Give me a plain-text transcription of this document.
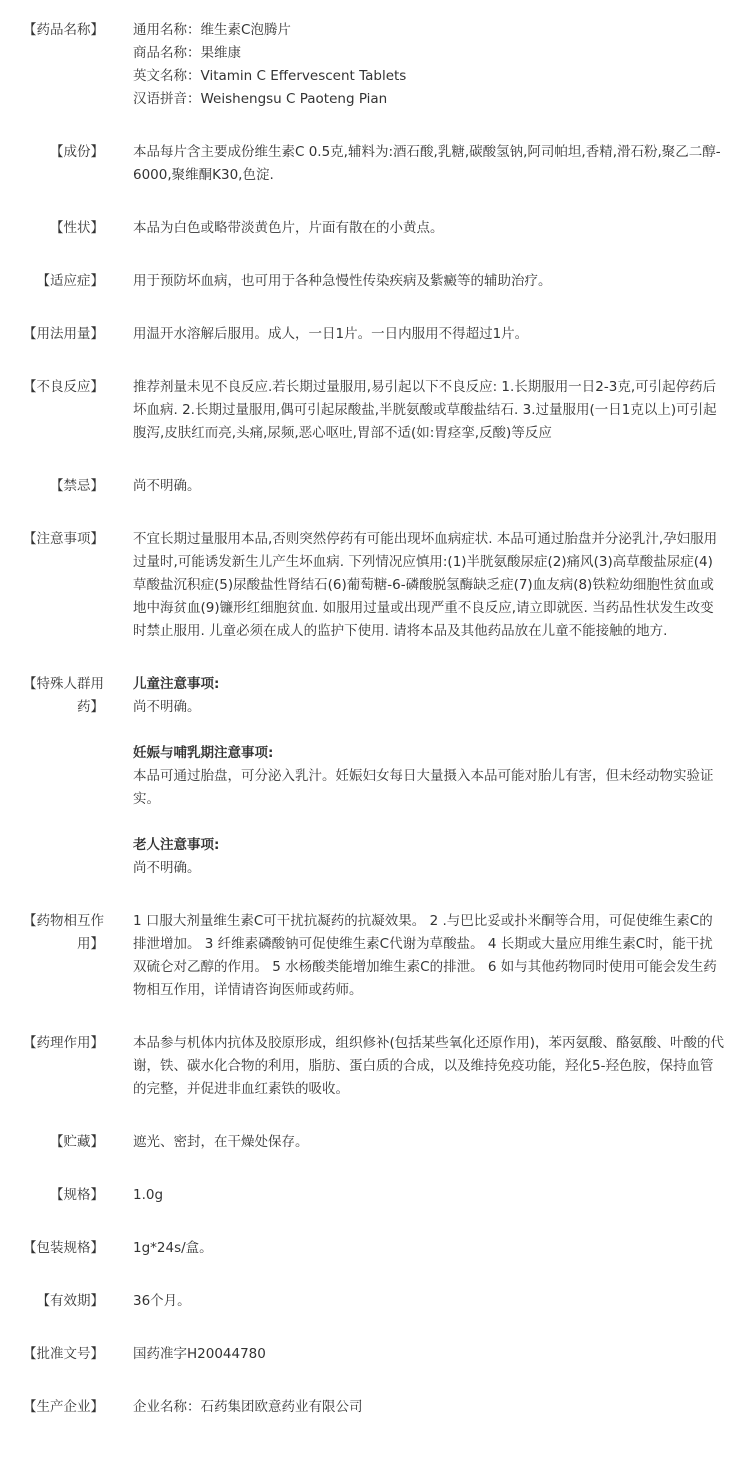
【药品名称】 通用名称：维生素C泡腾片
商品名称：果维康
英文名称：Vitamin C Effervescent Tablets
汉语拼音：Weishengsu C Paoteng Pian
【成份】 本品每片含主要成份维生素C 0.5克,辅料为:酒石酸,乳糖,碳酸氢钠,阿司帕坦,香精,滑石粉,聚乙二醇-6000,聚维酮K30,色淀.
【性状】 本品为白色或略带淡黄色片，片面有散在的小黄点。
【适应症】 用于预防坏血病，也可用于各种急慢性传染疾病及紫癜等的辅助治疗。
【用法用量】 用温开水溶解后服用。成人，一日1片。一日内服用不得超过1片。
【不良反应】 推荐剂量未见不良反应.若长期过量服用,易引起以下不良反应: 1.长期服用一日2-3克,可引起停药后坏血病. 2.长期过量服用,偶可引起尿酸盐,半胱氨酸或草酸盐结石. 3.过量服用(一日1克以上)可引起腹泻,皮肤红而亮,头痛,尿频,恶心呕吐,胃部不适(如:胃痉挛,反酸)等反应
【禁忌】 尚不明确。
【注意事项】 不宜长期过量服用本品,否则突然停药有可能出现坏血病症状. 本品可通过胎盘并分泌乳汁,孕妇服用过量时,可能诱发新生儿产生坏血病. 下列情况应慎用:(1)半胱氨酸尿症(2)痛风(3)高草酸盐尿症(4)草酸盐沉积症(5)尿酸盐性肾结石(6)葡萄糖-6-磷酸脱氢酶缺乏症(7)血友病(8)铁粒幼细胞性贫血或地中海贫血(9)镰形红细胞贫血. 如服用过量或出现严重不良反应,请立即就医. 当药品性状发生改变时禁止服用. 儿童必须在成人的监护下使用. 请将本品及其他药品放在儿童不能接触的地方.
【特殊人群用
药】
儿童注意事项:
尚不明确。
妊娠与哺乳期注意事项:
本品可通过胎盘，可分泌入乳汁。妊娠妇女每日大量摄入本品可能对胎儿有害，但未经动物实验证实。
老人注意事项:
尚不明确。
【药物相互作
用】
1 口服大剂量维生素C可干扰抗凝药的抗凝效果。 2 .与巴比妥或扑米酮等合用，可促使维生素C的排泄增加。 3 纤维素磷酸钠可促使维生素C代谢为草酸盐。 4 长期或大量应用维生素C时，能干扰双硫仑对乙醇的作用。 5 水杨酸类能增加维生素C的排泄。 6 如与其他药物同时使用可能会发生药物相互作用，详情请咨询医师或药师。
【药理作用】 本品参与机体内抗体及胶原形成，组织修补(包括某些氧化还原作用)，苯丙氨酸、酪氨酸、叶酸的代谢，铁、碳水化合物的利用，脂肪、蛋白质的合成，以及维持免疫功能，羟化5-羟色胺，保持血管的完整，并促进非血红素铁的吸收。
【贮藏】 遮光、密封，在干燥处保存。
【规格】 1.0g
【包装规格】 1g*24s/盒。
【有效期】 36个月。
【批准文号】 国药准字H20044780
【生产企业】 企业名称：石药集团欧意药业有限公司
